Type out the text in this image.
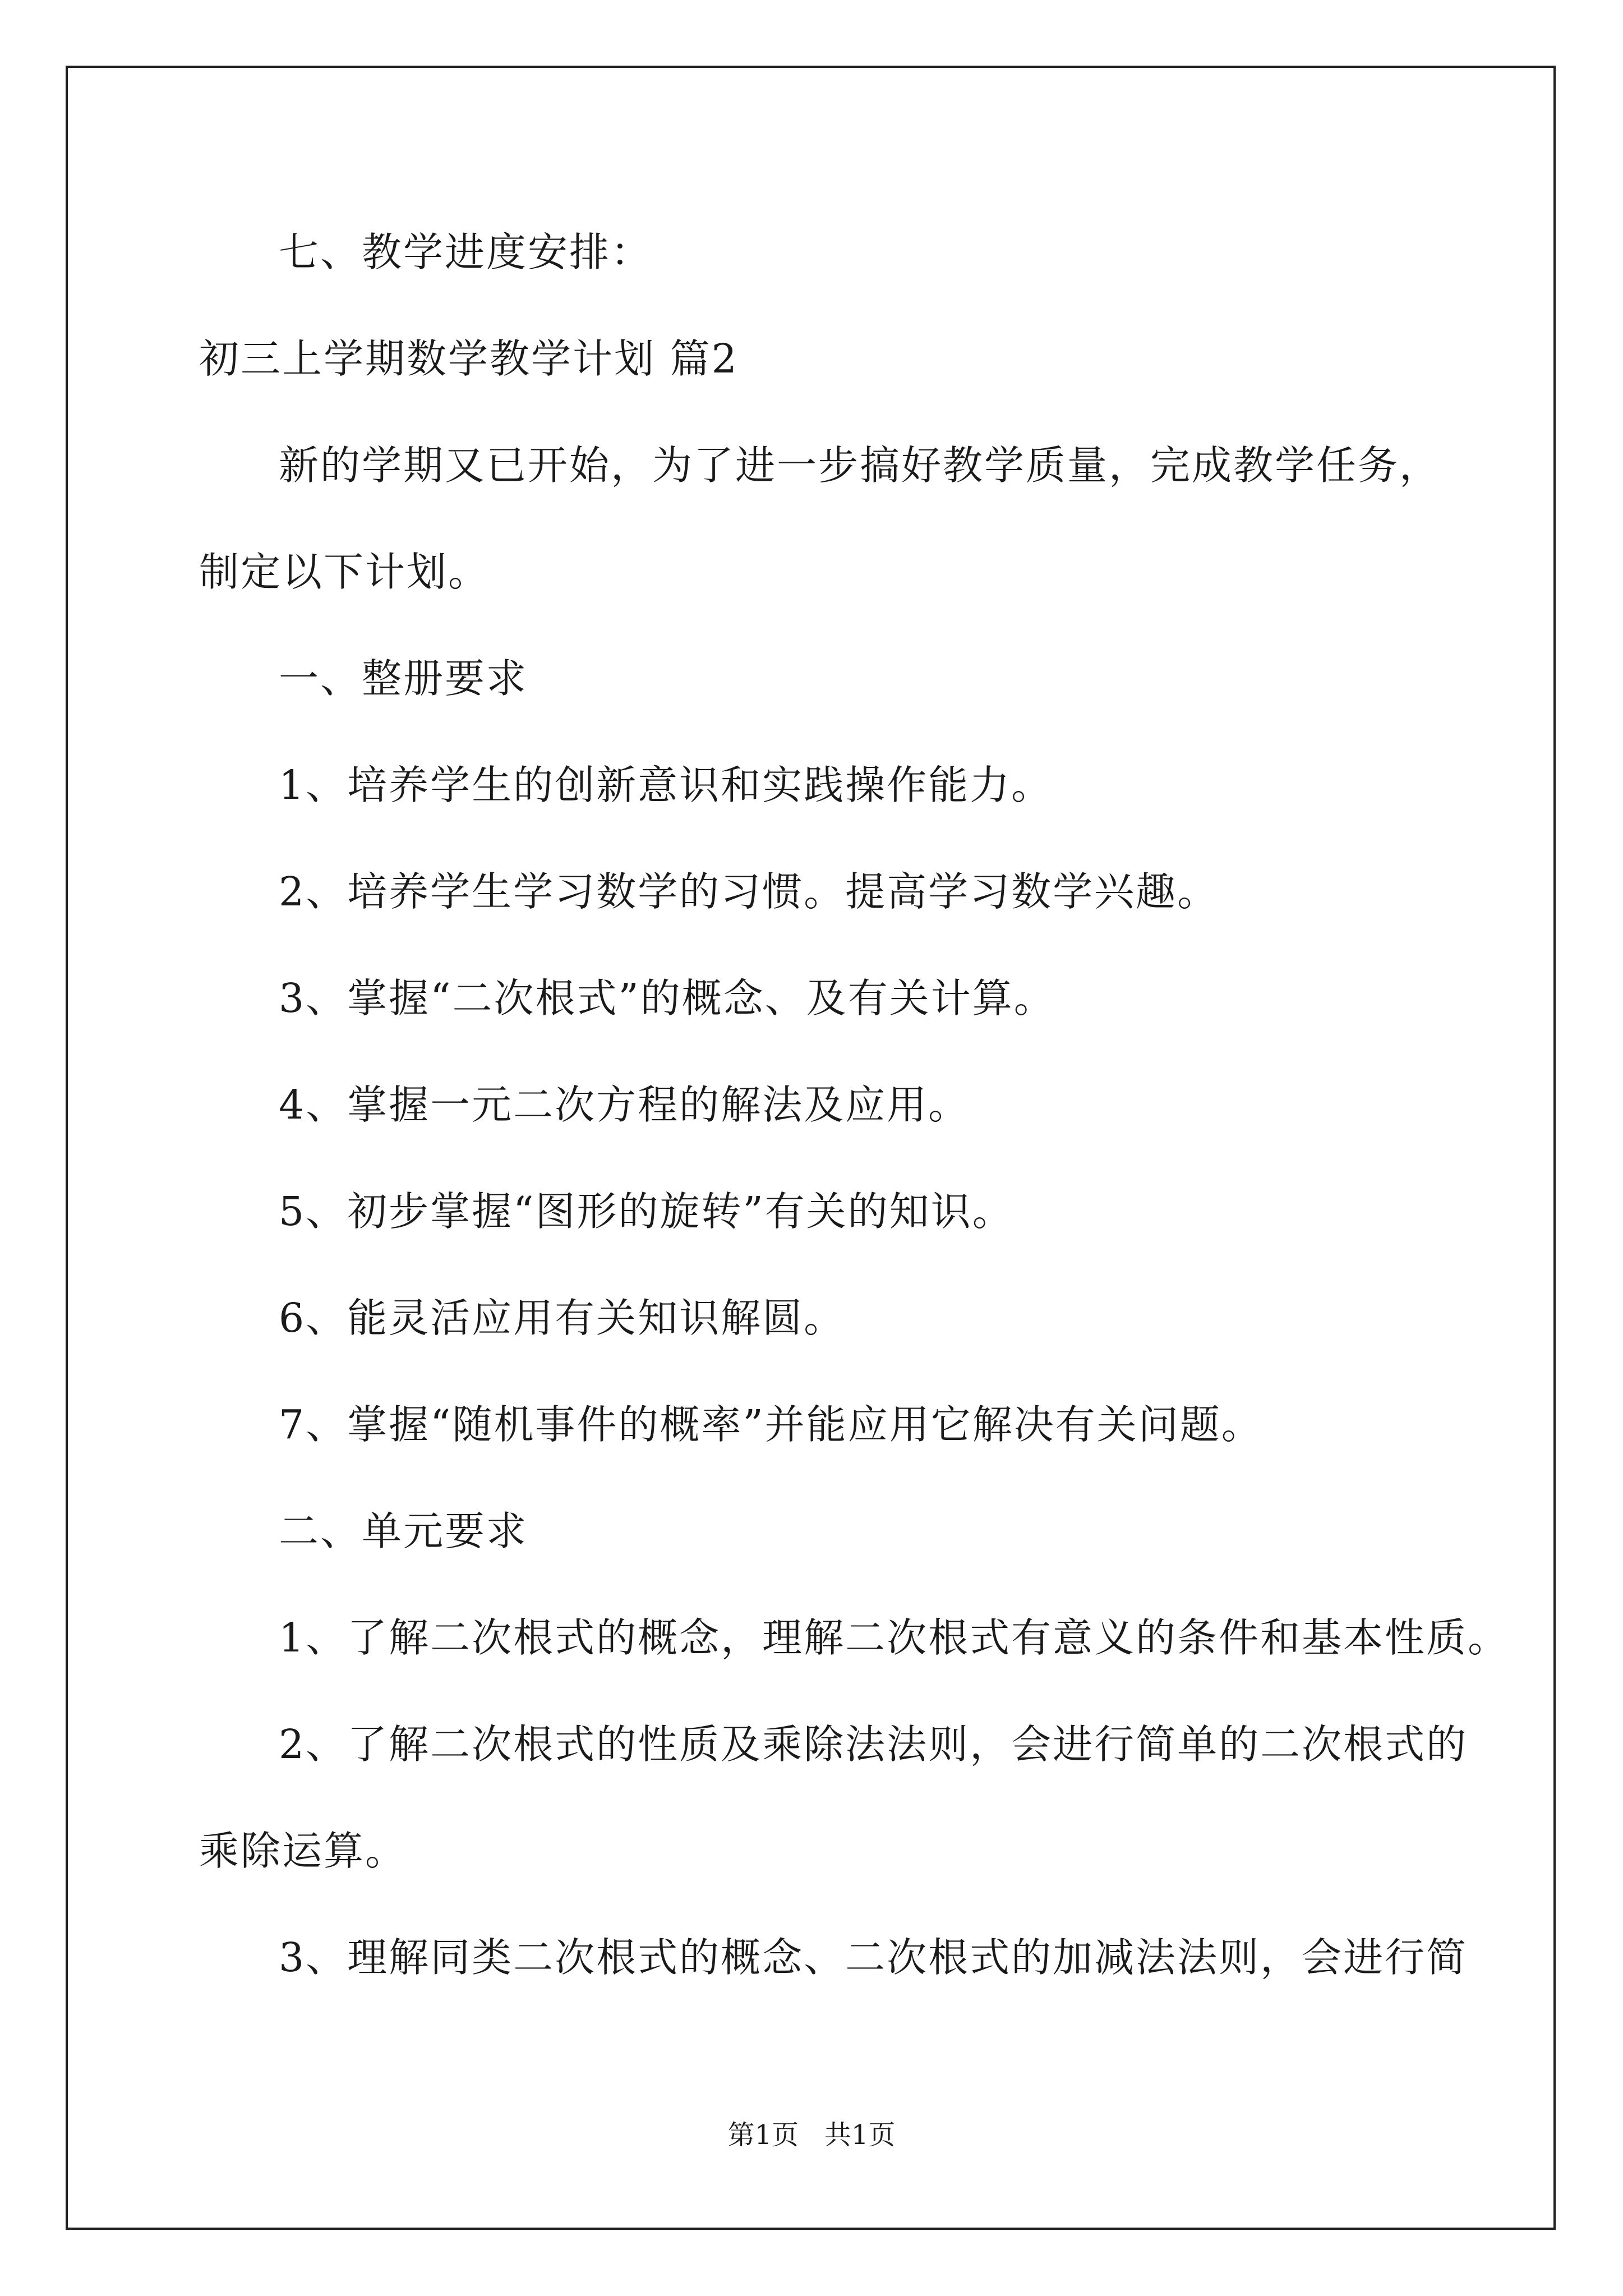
七、教学进度安排：
初三上学期数学教学计划 篇2
新的学期又已开始，为了进一步搞好教学质量，完成教学任务，
制定以下计划。
一、整册要求
1、培养学生的创新意识和实践操作能力。
2、培养学生学习数学的习惯。提高学习数学兴趣。
3、掌握“二次根式”的概念、及有关计算。
4、掌握一元二次方程的解法及应用。
5、初步掌握“图形的旋转”有关的知识。
6、能灵活应用有关知识解圆。
7、掌握“随机事件的概率”并能应用它解决有关问题。
二、单元要求
1、了解二次根式的概念，理解二次根式有意义的条件和基本性质。
2、了解二次根式的性质及乘除法法则，会进行简单的二次根式的
乘除运算。
3、理解同类二次根式的概念、二次根式的加减法法则，会进行简
第1页   共1页
